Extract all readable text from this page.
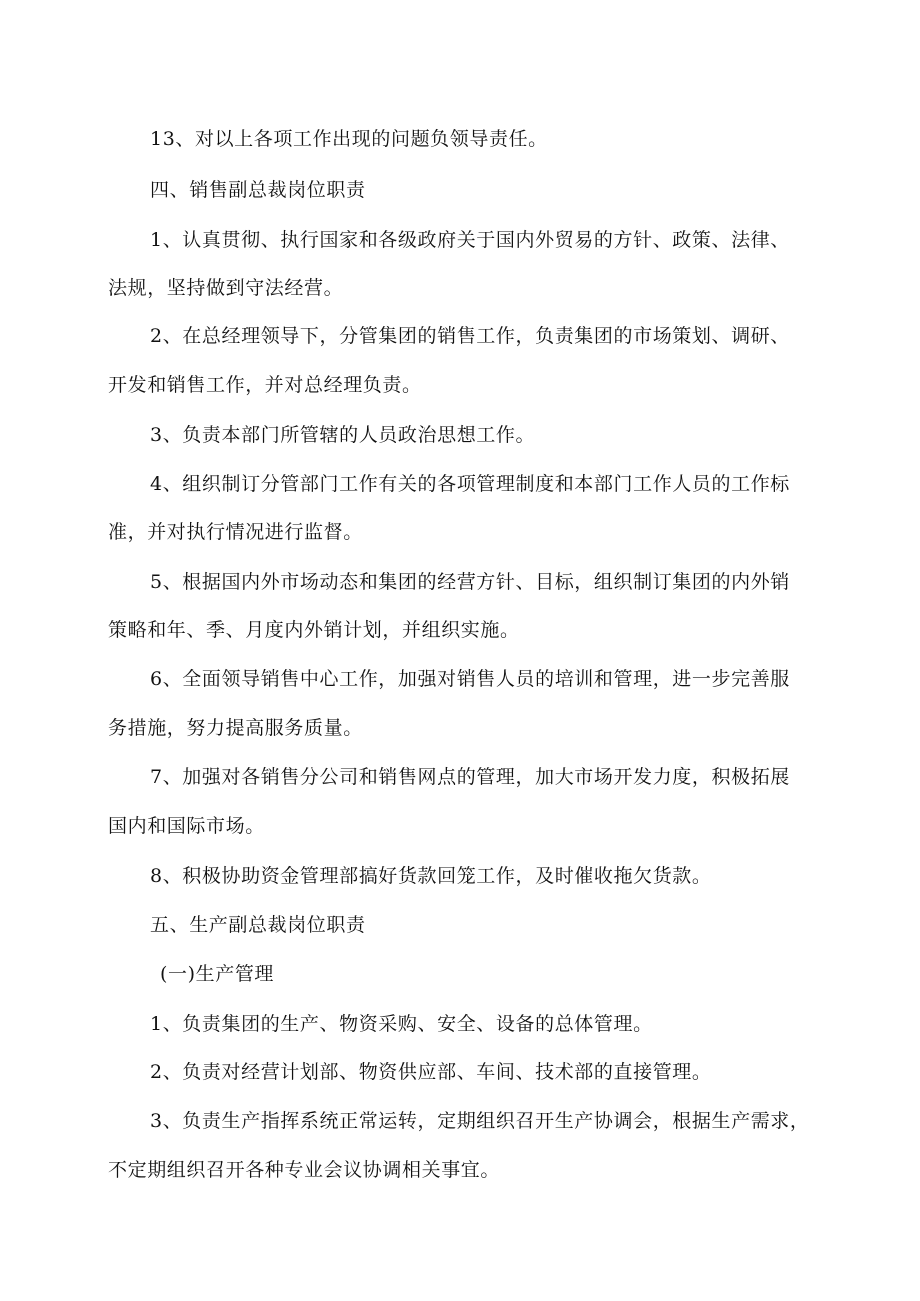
13、对以上各项工作出现的问题负领导责任。
四、销售副总裁岗位职责
1、认真贯彻、执行国家和各级政府关于国内外贸易的方针、政策、法律、
法规，坚持做到守法经营。
2、在总经理领导下，分管集团的销售工作，负责集团的市场策划、调研、
开发和销售工作，并对总经理负责。
3、负责本部门所管辖的人员政治思想工作。
4、组织制订分管部门工作有关的各项管理制度和本部门工作人员的工作标
准，并对执行情况进行监督。
5、根据国内外市场动态和集团的经营方针、目标，组织制订集团的内外销
策略和年、季、月度内外销计划，并组织实施。
6、全面领导销售中心工作，加强对销售人员的培训和管理，进一步完善服
务措施，努力提高服务质量。
7、加强对各销售分公司和销售网点的管理，加大市场开发力度，积极拓展
国内和国际市场。
8、积极协助资金管理部搞好货款回笼工作，及时催收拖欠货款。
五、生产副总裁岗位职责
(一)生产管理
1、负责集团的生产、物资采购、安全、设备的总体管理。
2、负责对经营计划部、物资供应部、车间、技术部的直接管理。
3、负责生产指挥系统正常运转，定期组织召开生产协调会，根据生产需求，
不定期组织召开各种专业会议协调相关事宜。
